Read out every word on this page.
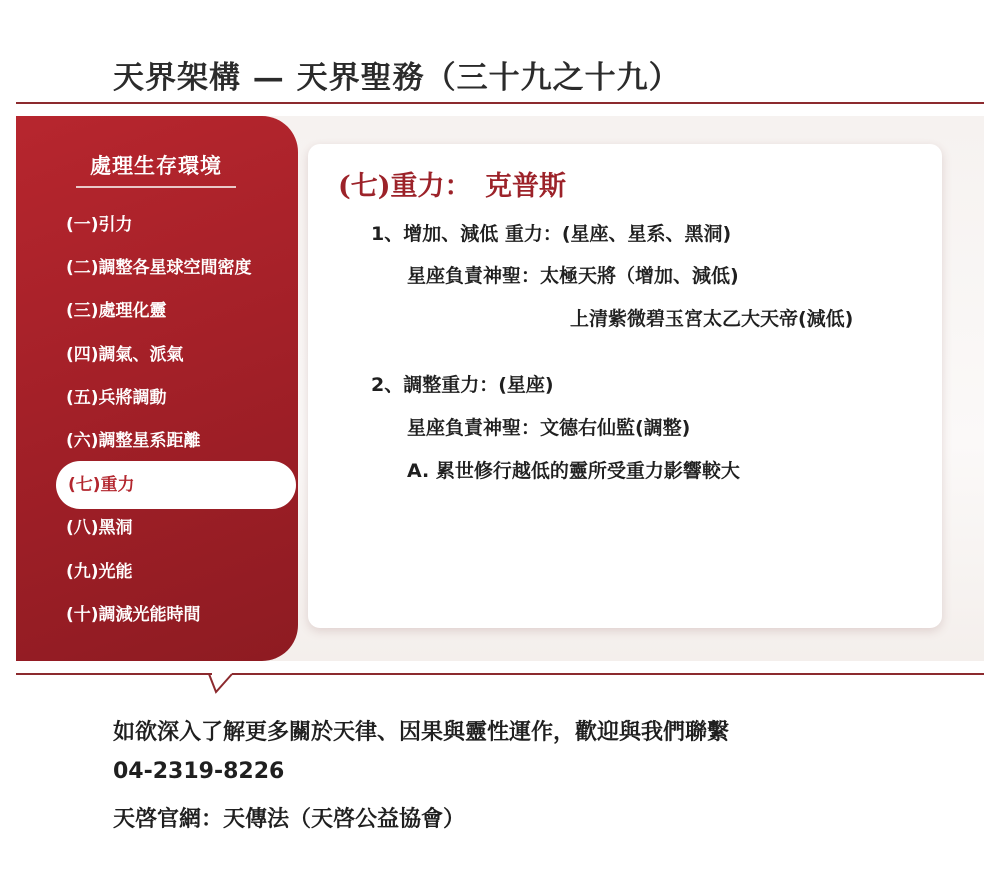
天界架構 — 天界聖務（三十九之十九）
處理生存環境
(一)引力
(二)調整各星球空間密度
(三)處理化靈
(四)調氣、派氣
(五)兵將調動
(六)調整星系距離
(七)重力
(八)黑洞
(九)光能
(十)調減光能時間
(七)重力：　克普斯
1、增加、減低 重力：(星座、星系、黑洞)
星座負責神聖：太極天將（增加、減低)
上清紫微碧玉宮太乙大天帝(減低)
2、調整重力：(星座)
星座負責神聖：文德右仙監(調整)
A. 累世修行越低的靈所受重力影響較大
如欲深入了解更多關於天律、因果與靈性運作，歡迎與我們聯繫
04-2319-8226
天啓官網：天傳法（天啓公益協會）
